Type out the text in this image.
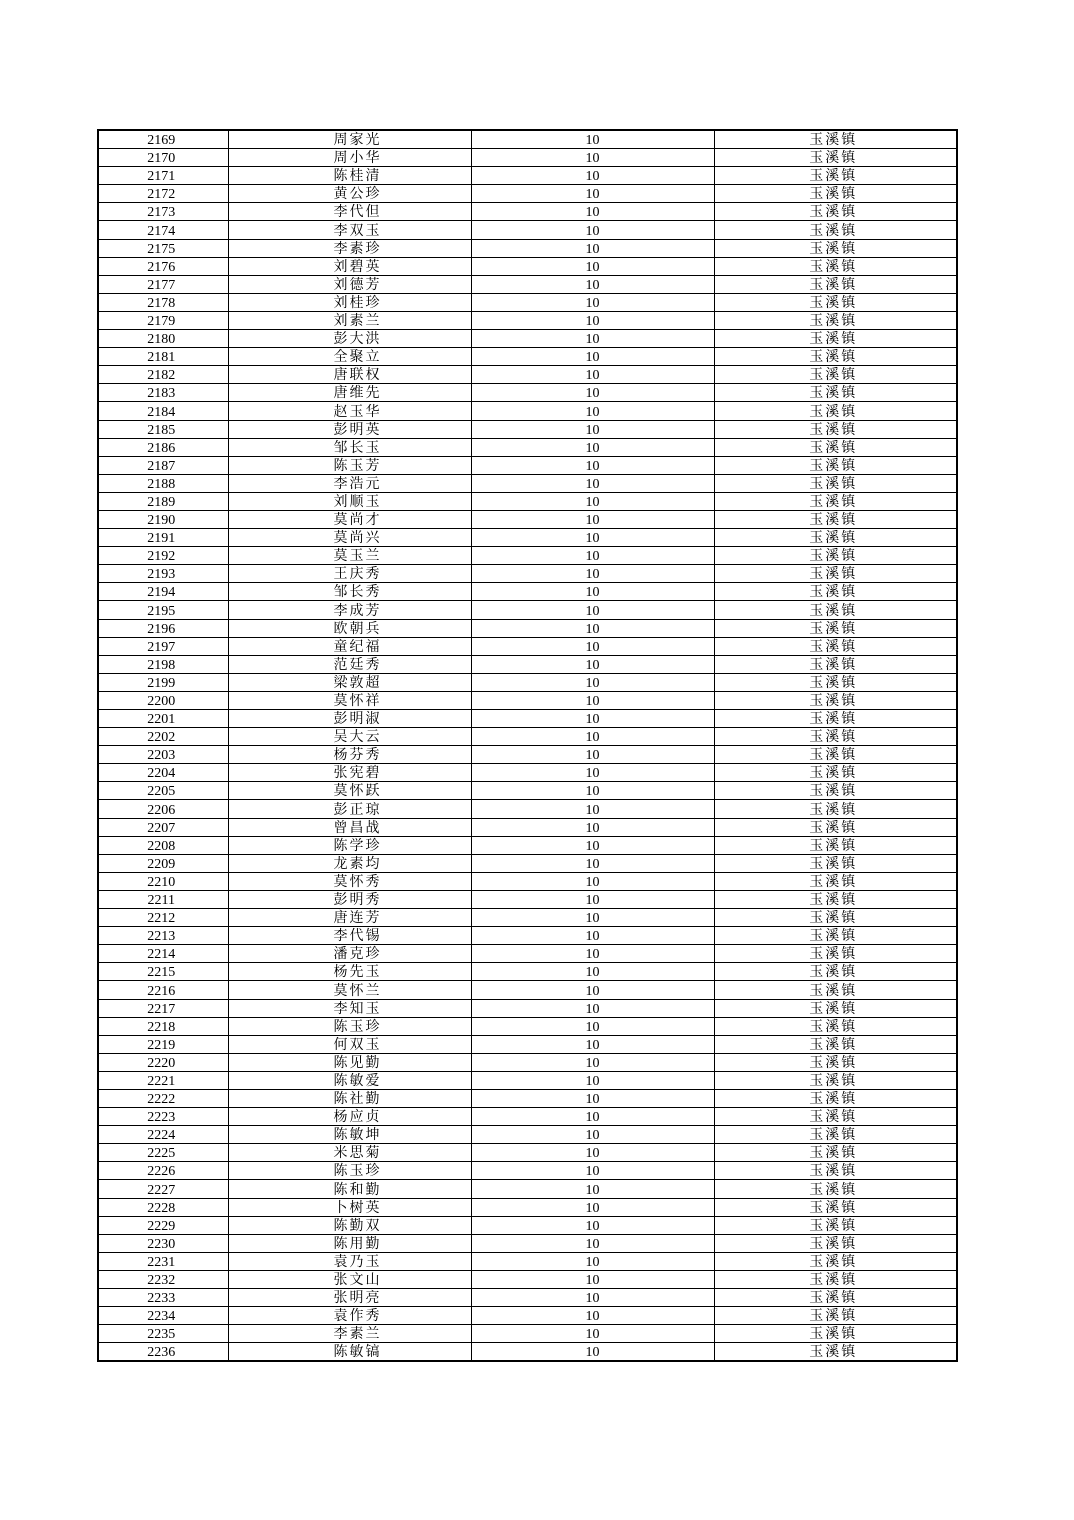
2169	周家光	10	玉溪镇
2170	周小华	10	玉溪镇
2171	陈桂清	10	玉溪镇
2172	黄公珍	10	玉溪镇
2173	李代但	10	玉溪镇
2174	李双玉	10	玉溪镇
2175	李素珍	10	玉溪镇
2176	刘碧英	10	玉溪镇
2177	刘德芳	10	玉溪镇
2178	刘桂珍	10	玉溪镇
2179	刘素兰	10	玉溪镇
2180	彭大洪	10	玉溪镇
2181	全聚立	10	玉溪镇
2182	唐联权	10	玉溪镇
2183	唐维先	10	玉溪镇
2184	赵玉华	10	玉溪镇
2185	彭明英	10	玉溪镇
2186	邹长玉	10	玉溪镇
2187	陈玉芳	10	玉溪镇
2188	李浩元	10	玉溪镇
2189	刘顺玉	10	玉溪镇
2190	莫尚才	10	玉溪镇
2191	莫尚兴	10	玉溪镇
2192	莫玉兰	10	玉溪镇
2193	王庆秀	10	玉溪镇
2194	邹长秀	10	玉溪镇
2195	李成芳	10	玉溪镇
2196	欧朝兵	10	玉溪镇
2197	童纪福	10	玉溪镇
2198	范廷秀	10	玉溪镇
2199	梁敦超	10	玉溪镇
2200	莫怀祥	10	玉溪镇
2201	彭明淑	10	玉溪镇
2202	吴大云	10	玉溪镇
2203	杨芬秀	10	玉溪镇
2204	张宪碧	10	玉溪镇
2205	莫怀跃	10	玉溪镇
2206	彭正琼	10	玉溪镇
2207	曾昌战	10	玉溪镇
2208	陈学珍	10	玉溪镇
2209	龙素均	10	玉溪镇
2210	莫怀秀	10	玉溪镇
2211	彭明秀	10	玉溪镇
2212	唐连芳	10	玉溪镇
2213	李代锡	10	玉溪镇
2214	潘克珍	10	玉溪镇
2215	杨先玉	10	玉溪镇
2216	莫怀兰	10	玉溪镇
2217	李知玉	10	玉溪镇
2218	陈玉珍	10	玉溪镇
2219	何双玉	10	玉溪镇
2220	陈见勤	10	玉溪镇
2221	陈敏爱	10	玉溪镇
2222	陈社勤	10	玉溪镇
2223	杨应贞	10	玉溪镇
2224	陈敏坤	10	玉溪镇
2225	米思菊	10	玉溪镇
2226	陈玉珍	10	玉溪镇
2227	陈和勤	10	玉溪镇
2228	卜树英	10	玉溪镇
2229	陈勤双	10	玉溪镇
2230	陈用勤	10	玉溪镇
2231	袁乃玉	10	玉溪镇
2232	张文山	10	玉溪镇
2233	张明亮	10	玉溪镇
2234	袁作秀	10	玉溪镇
2235	李素兰	10	玉溪镇
2236	陈敏镐	10	玉溪镇
